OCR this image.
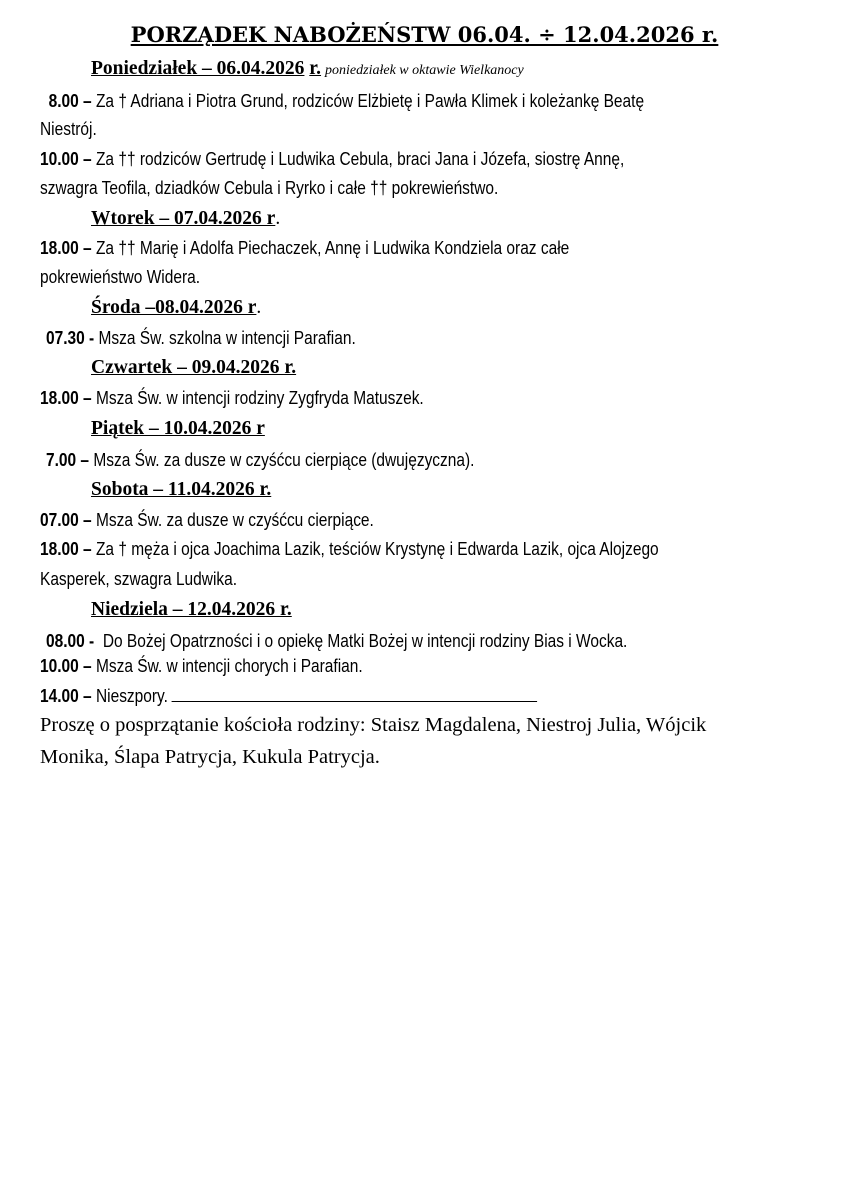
PORZĄDEK NABOŻEŃSTW 06.04. ÷ 12.04.2026 r.
Poniedziałek – 06.04.2026 r. poniedziałek w oktawie Wielkanocy
8.00 – Za † Adriana i Piotra Grund, rodziców Elżbietę i Pawła Klimek i koleżankę Beatę
Niestrój.
10.00 – Za †† rodziców Gertrudę i Ludwika Cebula, braci Jana i Józefa, siostrę Annę,
szwagra Teofila, dziadków Cebula i Ryrko i całe †† pokrewieństwo.
Wtorek – 07.04.2026 r.
18.00 – Za †† Marię i Adolfa Piechaczek, Annę i Ludwika Kondziela oraz całe
pokrewieństwo Widera.
Środa –08.04.2026 r.
07.30 - Msza Św. szkolna w intencji Parafian.
Czwartek – 09.04.2026 r.
18.00 – Msza Św. w intencji rodziny Zygfryda Matuszek.
Piątek – 10.04.2026 r
7.00 – Msza Św. za dusze w czyśćcu cierpiące (dwujęzyczna).
Sobota – 11.04.2026 r.
07.00 – Msza Św. za dusze w czyśćcu cierpiące.
18.00 – Za † męża i ojca Joachima Lazik, teściów Krystynę i Edwarda Lazik, ojca Alojzego
Kasperek, szwagra Ludwika.
Niedziela – 12.04.2026 r.
08.00 - Do Bożej Opatrzności i o opiekę Matki Bożej w intencji rodziny Bias i Wocka.
10.00 – Msza Św. w intencji chorych i Parafian.
14.00 – Nieszpory.
Proszę o posprzątanie kościoła rodziny: Staisz Magdalena, Niestroj Julia, Wójcik
Monika, Ślapa Patrycja, Kukula Patrycja.
